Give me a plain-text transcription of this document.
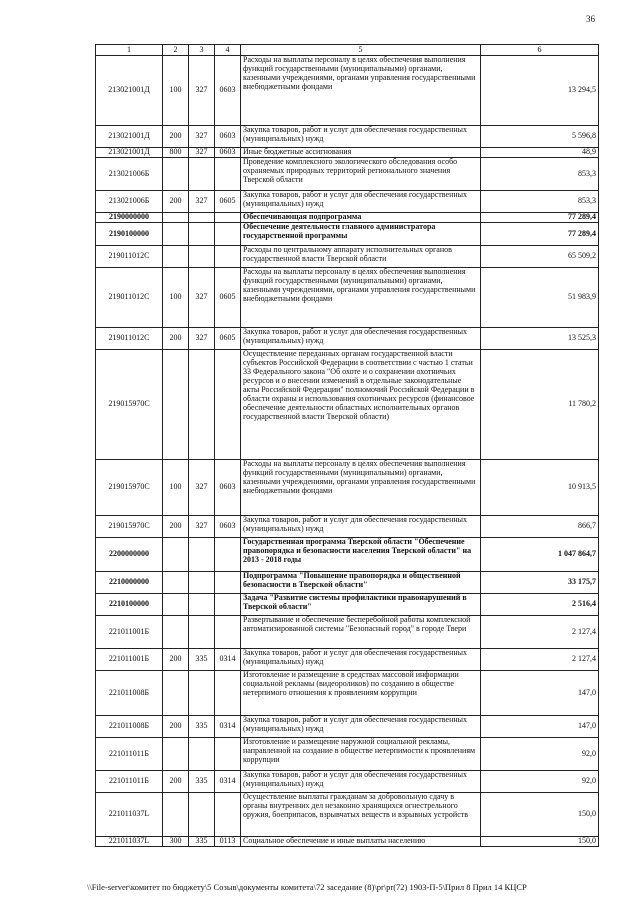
36
1	2	3	4	5	6
213021001Д	100	327	0603	Расходы на выплаты персоналу в целях обеспечения выполнения функций государственными (муниципальными) органами, казенными учреждениями, органами управления государственными внебюджетными фондами	13 294,5
213021001Д	200	327	0603	Закупка товаров, работ и услуг для обеспечения государственных (муниципальных) нужд	5 596,8
213021001Д	800	327	0603	Иные бюджетные ассигнования	48,9
213021006Б				Проведение комплексного экологического обследования особо охраняемых природных территорий регионального значения Тверской области	853,3
213021006Б	200	327	0605	Закупка товаров, работ и услуг для обеспечения государственных (муниципальных) нужд	853,3
2190000000				Обеспечивающая подпрограмма	77 289,4
2190100000				Обеспечение деятельности главного администратора государственной программы	77 289,4
219011012С				Расходы по центральному аппарату исполнительных органов государственной власти Тверской области	65 509,2
219011012С	100	327	0605	Расходы на выплаты персоналу в целях обеспечения выполнения функций государственными (муниципальными) органами, казенными учреждениями, органами управления государственными внебюджетными фондами	51 983,9
219011012С	200	327	0605	Закупка товаров, работ и услуг для обеспечения государственных (муниципальных) нужд	13 525,3
219015970С				Осуществление переданных органам государственной власти субъектов Российской Федерации в соответствии с частью 1 статьи 33 Федерального закона "Об охоте и о сохранении охотничьих ресурсов и о внесении изменений в отдельные законодательные акты Российской Федерации" полномочий Российской Федерации в области охраны и использования охотничьих ресурсов (финансовое обеспечение деятельности областных исполнительных органов государственной власти Тверской области)	11 780,2
219015970С	100	327	0603	Расходы на выплаты персоналу в целях обеспечения выполнения функций государственными (муниципальными) органами, казенными учреждениями, органами управления государственными внебюджетными фондами	10 913,5
219015970С	200	327	0603	Закупка товаров, работ и услуг для обеспечения государственных (муниципальных) нужд	866,7
2200000000				Государственная программа Тверской области "Обеспечение правопорядка и безопасности населения Тверской области" на 2013 - 2018 годы	1 047 864,7
2210000000				Подпрограмма "Повышение правопорядка и общественной безопасности в Тверской области"	33 175,7
2210100000				Задача "Развитие системы профилактики правонарушений в Тверской области"	2 516,4
221011001Б				Развертывание и обеспечение бесперебойной работы комплексной автоматизированной системы "Безопасный город" в городе Твери	2 127,4
221011001Б	200	335	0314	Закупка товаров, работ и услуг для обеспечения государственных (муниципальных) нужд	2 127,4
221011008Б				Изготовление и размещение в средствах массовой информации социальной рекламы (видеороликов) по созданию в обществе нетерпимого отношения к проявлениям коррупции	147,0
221011008Б	200	335	0314	Закупка товаров, работ и услуг для обеспечения государственных (муниципальных) нужд	147,0
221011011Б				Изготовление и размещение наружной социальной рекламы, направленной на создание в обществе нетерпимости к проявлениям коррупции	92,0
221011011Б	200	335	0314	Закупка товаров, работ и услуг для обеспечения государственных (муниципальных) нужд	92,0
221011037L				Осуществление выплаты гражданам за добровольную сдачу в органы внутренних дел незаконно хранящихся огнестрельного оружия, боеприпасов, взрывчатых веществ и взрывных устройств	150,0
221011037L	300	335	0113	Социальное обеспечение и иные выплаты населению	150,0
\\File-server\комитет по бюджету\5 Созыв\документы комитета\72 заседание (8)\pr\pr(72) 1903-П-5\Прил 8 Прил 14 КЦСР
